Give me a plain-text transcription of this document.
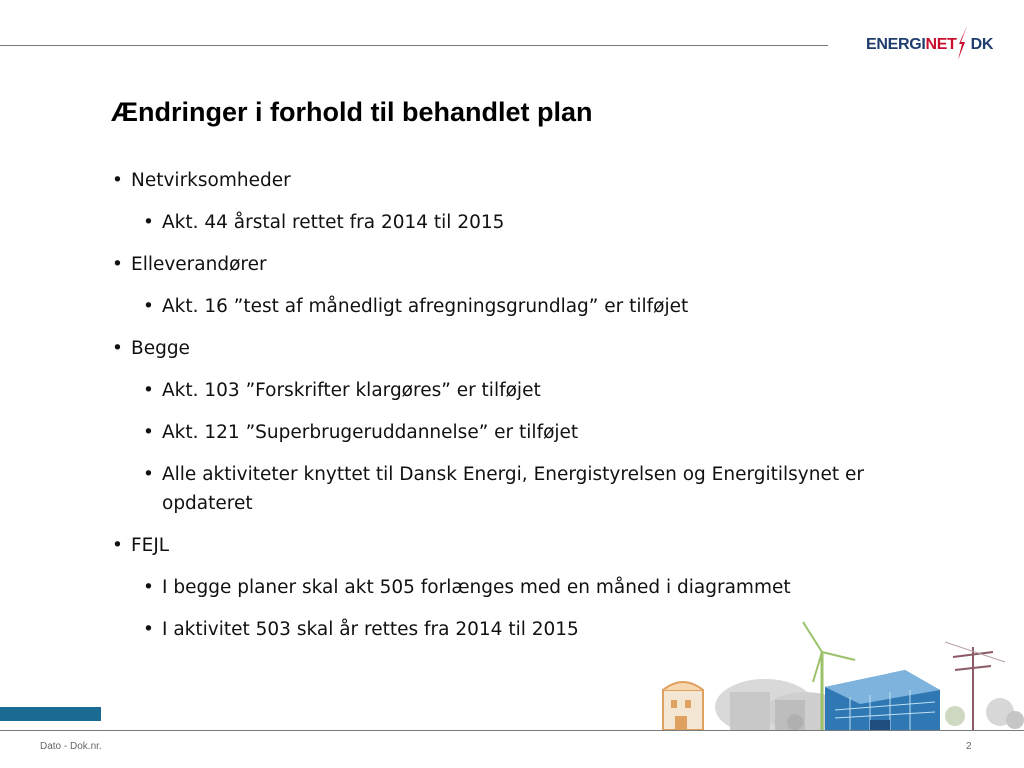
ENERGINET DK
Ændringer i forhold til behandlet plan
• Netvirksomheder
• Akt. 44 årstal rettet fra 2014 til 2015
• Elleverandører
• Akt. 16 ”test af månedligt afregningsgrundlag” er tilføjet
• Begge
• Akt. 103 ”Forskrifter klargøres” er tilføjet
• Akt. 121 ”Superbrugeruddannelse” er tilføjet
• Alle aktiviteter knyttet til Dansk Energi, Energistyrelsen og Energitilsynet er opdateret
• FEJL
• I begge planer skal akt 505 forlænges med en måned i diagrammet
• I aktivitet 503 skal år rettes fra 2014 til 2015
Dato - Dok.nr.	2
